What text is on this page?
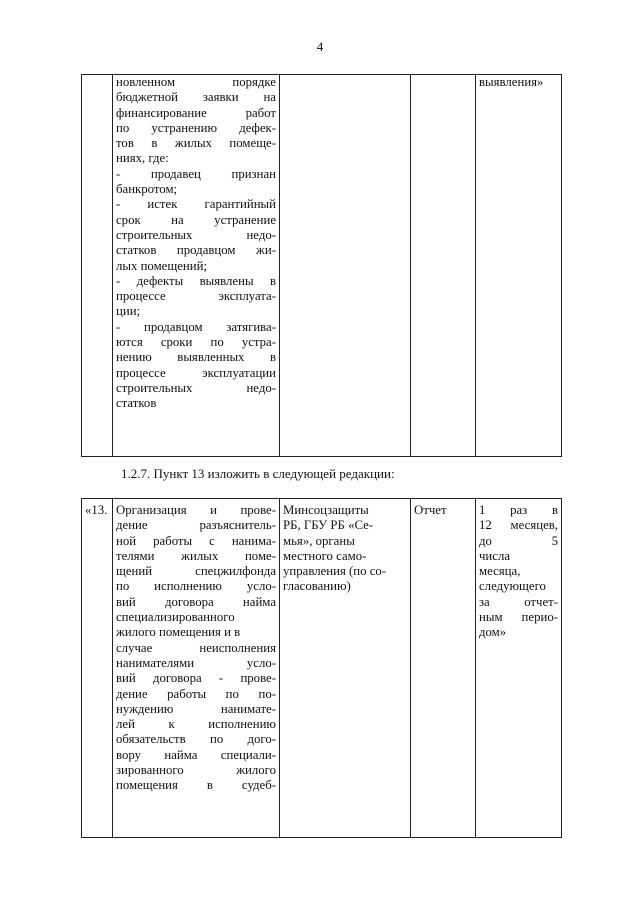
4

новленном порядке
бюджетной заявки на
финансирование работ
по устранению дефек-
тов в жилых помеще-
ниях, где:
- продавец признан
банкротом;
- истек гарантийный
срок на устранение
строительных недо-
статков продавцом жи-
лых помещений;
- дефекты выявлены в
процессе эксплуата-
ции;
- продавцом затягива-
ются сроки по устра-
нению выявленных в
процессе эксплуатации
строительных недо-
статков
			выявления»
1.2.7. Пункт 13 изложить в следующей редакции:
«13.	Организация и прове-
дение разъяснитель-
ной работы с нанима-
телями жилых поме-
щений спецжилфонда
по исполнению усло-
вий договора найма
специализированного
жилого помещения и в
случае неисполнения
нанимателями усло-
вий договора - прове-
дение работы по по-
нуждению нанимате-
лей к исполнению
обязательств по дого-
вору найма специали-
зированного жилого
помещения в судеб-

Минсоцзащиты
РБ, ГБУ РБ «Се-
мья», органы
местного само-
управления (по со-
гласованию)
	Отчет	1 раз в
12 месяцев,
до 5
числа
месяца,
следующего
за отчет-
ным перио-
дом»
